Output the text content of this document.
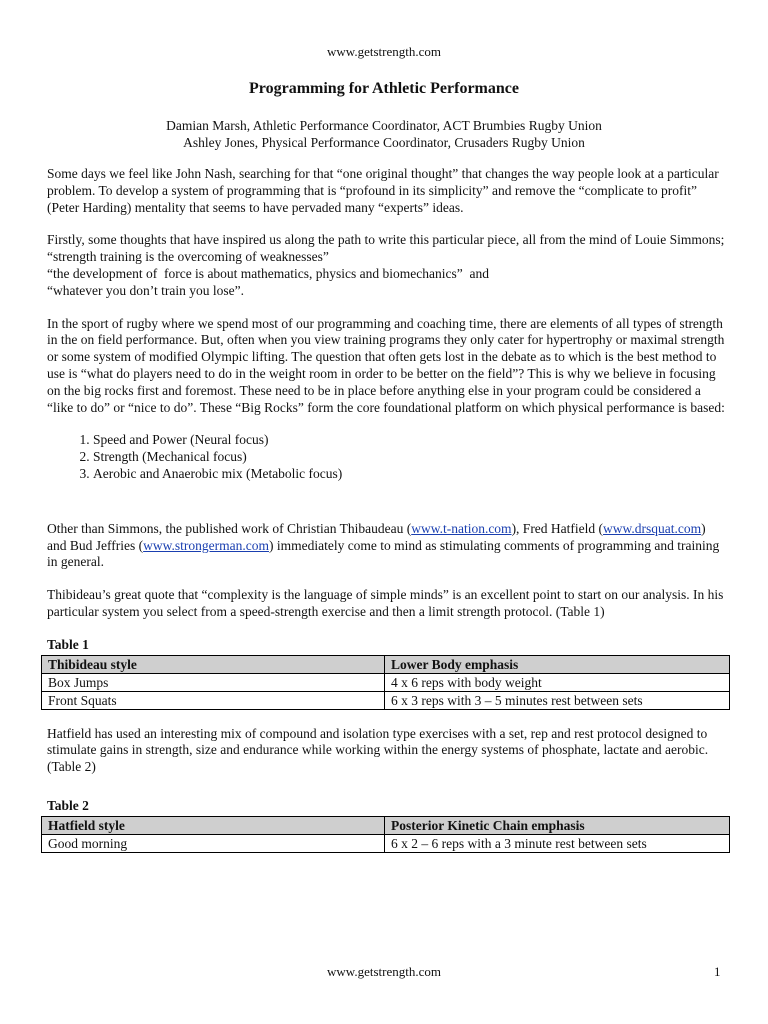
www.getstrength.com
Programming for Athletic Performance
Damian Marsh, Athletic Performance Coordinator, ACT Brumbies Rugby Union
Ashley Jones, Physical Performance Coordinator, Crusaders Rugby Union

Some days we feel like John Nash, searching for that “one original thought” that changes the way people look at a particular problem. To develop a system of programming that is “profound in its simplicity” and remove the “complicate to profit” (Peter Harding) mentality that seems to have pervaded many “experts” ideas.

Firstly, some thoughts that have inspired us along the path to write this particular piece, all from the mind of Louie Simmons;
“strength training is the overcoming of weaknesses”
“the development of  force is about mathematics, physics and biomechanics”  and
“whatever you don’t train you lose”.

In the sport of rugby where we spend most of our programming and coaching time, there are elements of all types of strength in the on field performance. But, often when you view training programs they only cater for hypertrophy or maximal strength or some system of modified Olympic lifting. The question that often gets lost in the debate as to which is the best method to use is “what do players need to do in the weight room in order to be better on the field”? This is why we believe in focusing on the big rocks first and foremost. These need to be in place before anything else in your program could be considered a “like to do” or “nice to do”. These “Big Rocks” form the core foundational platform on which physical performance is based:

1. Speed and Power (Neural focus)
2. Strength (Mechanical focus)
3. Aerobic and Anaerobic mix (Metabolic focus)

Other than Simmons, the published work of Christian Thibaudeau (www.t-nation.com), Fred Hatfield (www.drsquat.com) and Bud Jeffries (www.strongerman.com) immediately come to mind as stimulating comments of programming and training in general.

Thibideau’s great quote that “complexity is the language of simple minds” is an excellent point to start on our analysis. In his particular system you select from a speed-strength exercise and then a limit strength protocol. (Table 1)

Table 1
Thibideau style	Lower Body emphasis
Box Jumps	4 x 6 reps with body weight
Front Squats	6 x 3 reps with 3 – 5 minutes rest between sets

Hatfield has used an interesting mix of compound and isolation type exercises with a set, rep and rest protocol designed to stimulate gains in strength, size and endurance while working within the energy systems of phosphate, lactate and aerobic. (Table 2)

Table 2
Hatfield style	Posterior Kinetic Chain emphasis
Good morning	6 x 2 – 6 reps with a 3 minute rest between sets
www.getstrength.com	1
